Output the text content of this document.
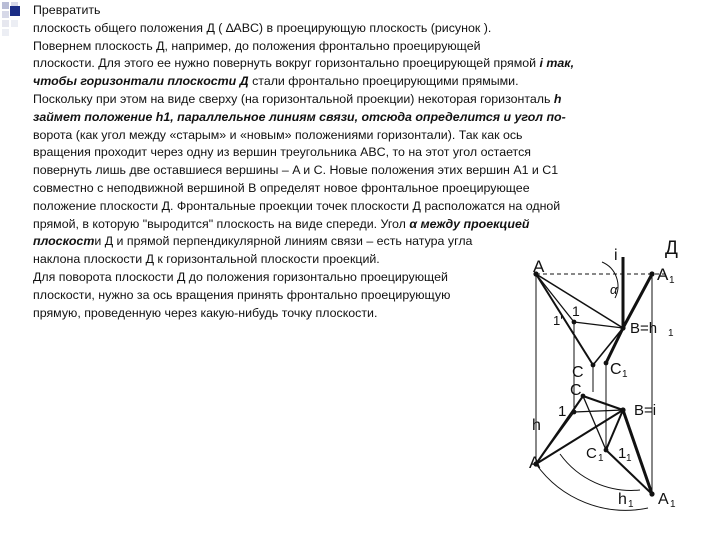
Превратить
плоскость общего положения Д ( ∆ABC) в проецирующую плоскость (рисунок ).
Повернем плоскость Д, например, до положения фронтально проецирующей
плоскости. Для этого ее нужно повернуть вокруг горизонтально проецирующей прямой i так,
чтобы горизонтали плоскости Д стали фронтально проецирующими прямыми.
Поскольку при этом на виде сверху (на горизонтальной проекции) некоторая горизонталь h
займет положение h1, параллельное линиям связи, отсюда определится и угол по-
ворота (как угол между «старым» и «новым» положениями горизонтали). Так как ось
вращения проходит через одну из вершин треугольника ABC, то на этот угол остается
повернуть лишь две оставшиеся вершины – A и C. Новые положения этих вершин A1 и C1
совместно с неподвижной вершиной B определят новое фронтальное проецирующее
положение плоскости Д. Фронтальные проекции точек плоскости Д расположатся на одной
прямой, в которую "выродится" плоскость на виде спереди. Угол α между проекцией
плоскости Д и прямой перпендикулярной линиям связи – есть натура угла
наклона плоскости Д к горизонтальной плоскости проекций.
Для поворота плоскости Д до положения горизонтально проецирующей
плоскости, нужно за ось вращения принять фронтально проецирующую
прямую, проведенную через какую-нибудь точку плоскости.
i Д
A
α
A 1
1'
1
B=h 1
C C 1
C
B=i
1
h
A	C 1 1 1
h 1 A 1
